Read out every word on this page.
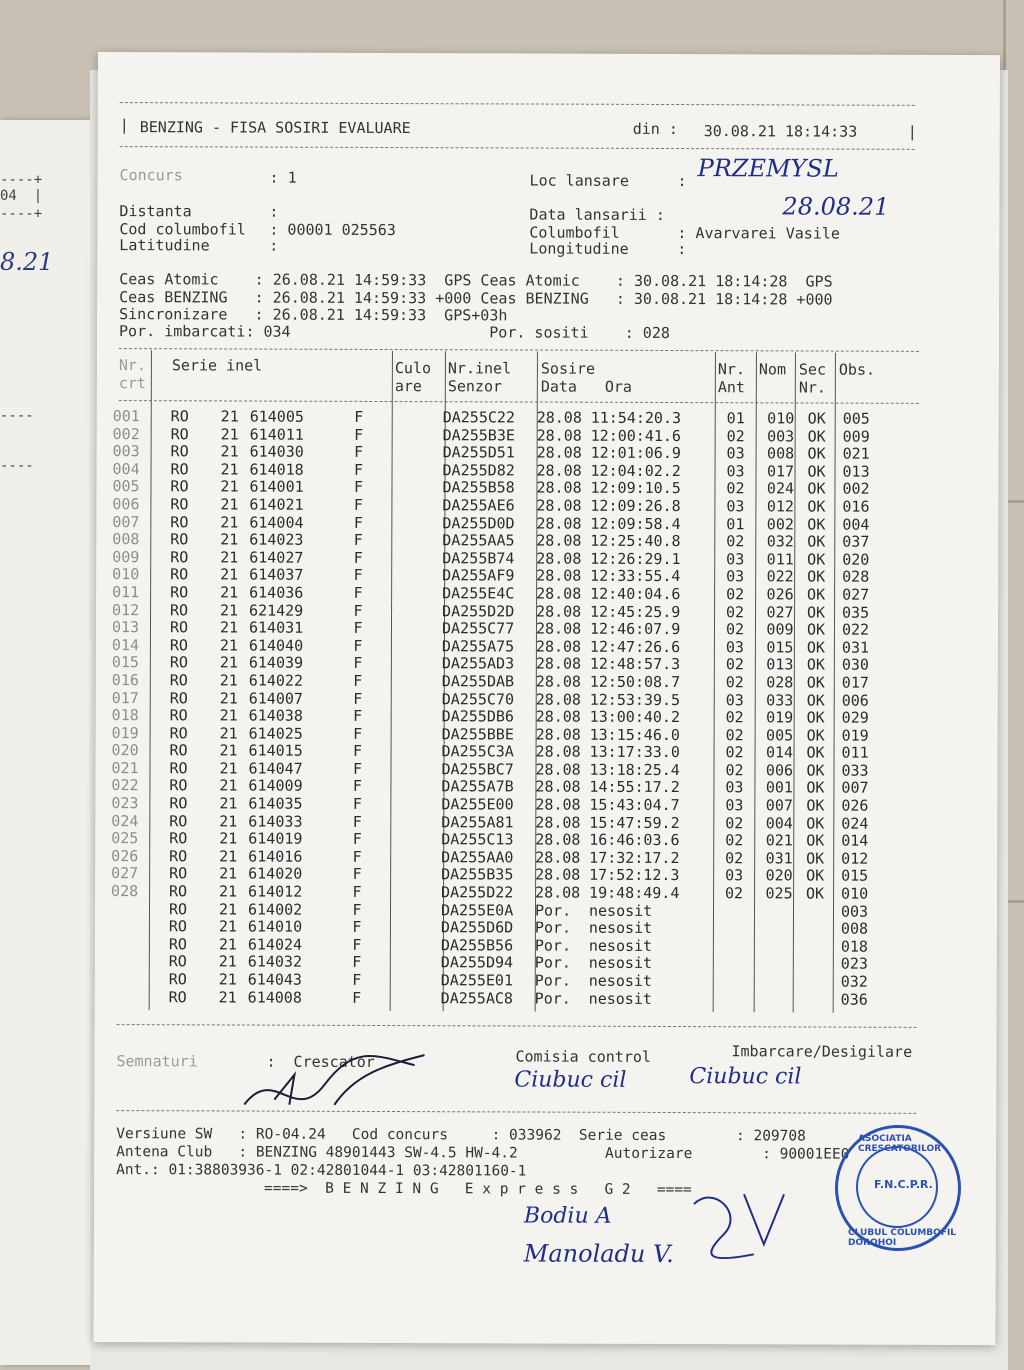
----+
04  |
----+
8.21
----
----
| BENZING - FISA SOSIRI EVALUARE	din : 30.08.21 18:14:33	|
Concurs	: 1	Loc lansare	: PRZEMYSL
Distanta	:	Data lansarii :	28.08.21
Cod columbofil : 00001 025563	Columbofil	: Avarvarei Vasile
Latitudine	:	Longitudine	:
Ceas Atomic    : 26.08.21 14:59:33  GPS Ceas Atomic    : 30.08.21 18:14:28  GPS
Ceas BENZING   : 26.08.21 14:59:33 +000 Ceas BENZING   : 30.08.21 18:14:28 +000
Sincronizare   : 26.08.21 14:59:33  GPS+03h
Por. imbarcati: 034                      Por. sositi    : 028
Nr.
crt
Serie inel	Culo
are
Nr.inel
Senzor
Sosire
Data Ora
Nr.
Ant
Nom Sec
Nr.
Obs.
001	RO	21	614005	F		DA255C22	28.08	11:54:20.3	01	010	OK	005
002	RO	21	614011	F		DA255B3E	28.08	12:00:41.6	02	003	OK	009
003	RO	21	614030	F		DA255D51	28.08	12:01:06.9	03	008	OK	021
004	RO	21	614018	F		DA255D82	28.08	12:04:02.2	03	017	OK	013
005	RO	21	614001	F		DA255B58	28.08	12:09:10.5	02	024	OK	002
006	RO	21	614021	F		DA255AE6	28.08	12:09:26.8	03	012	OK	016
007	RO	21	614004	F		DA255D0D	28.08	12:09:58.4	01	002	OK	004
008	RO	21	614023	F		DA255AA5	28.08	12:25:40.8	02	032	OK	037
009	RO	21	614027	F		DA255B74	28.08	12:26:29.1	03	011	OK	020
010	RO	21	614037	F		DA255AF9	28.08	12:33:55.4	03	022	OK	028
011	RO	21	614036	F		DA255E4C	28.08	12:40:04.6	02	026	OK	027
012	RO	21	621429	F		DA255D2D	28.08	12:45:25.9	02	027	OK	035
013	RO	21	614031	F		DA255C77	28.08	12:46:07.9	02	009	OK	022
014	RO	21	614040	F		DA255A75	28.08	12:47:26.6	03	015	OK	031
015	RO	21	614039	F		DA255AD3	28.08	12:48:57.3	02	013	OK	030
016	RO	21	614022	F		DA255DAB	28.08	12:50:08.7	02	028	OK	017
017	RO	21	614007	F		DA255C70	28.08	12:53:39.5	03	033	OK	006
018	RO	21	614038	F		DA255DB6	28.08	13:00:40.2	02	019	OK	029
019	RO	21	614025	F		DA255BBE	28.08	13:15:46.0	02	005	OK	019
020	RO	21	614015	F		DA255C3A	28.08	13:17:33.0	02	014	OK	011
021	RO	21	614047	F		DA255BC7	28.08	13:18:25.4	02	006	OK	033
022	RO	21	614009	F		DA255A7B	28.08	14:55:17.2	03	001	OK	007
023	RO	21	614035	F		DA255E00	28.08	15:43:04.7	03	007	OK	026
024	RO	21	614033	F		DA255A81	28.08	15:47:59.2	02	004	OK	024
025	RO	21	614019	F		DA255C13	28.08	16:46:03.6	02	021	OK	014
026	RO	21	614016	F		DA255AA0	28.08	17:32:17.2	02	031	OK	012
027	RO	21	614020	F		DA255B35	28.08	17:52:12.3	03	020	OK	015
028	RO	21	614012	F		DA255D22	28.08	19:48:49.4	02	025	OK	010
	RO	21	614002	F		DA255E0A	Por.	nesosit				003
	RO	21	614010	F		DA255D6D	Por.	nesosit				008
	RO	21	614024	F		DA255B56	Por.	nesosit				018
	RO	21	614032	F		DA255D94	Por.	nesosit				023
	RO	21	614043	F		DA255E01	Por.	nesosit				032
	RO	21	614008	F		DA255AC8	Por.	nesosit				036
Semnaturi	:  Crescator	Comisia control	Imbarcare/Desigilare
Ciubuc cil	Ciubuc cil
Versiune SW   : RO-04.24   Cod concurs     : 033962  Serie ceas        : 209708
Antena Club   : BENZING 48901443 SW-4.5 HW-4.2          Autorizare        : 90001EE0
Ant.: 01:38803936-1 02:42801044-1 03:42801160-1
====>  B E N Z I N G   E x p r e s s   G 2   ====
Bodiu A
Manoladu V.
ASOCIATIA CRESCATORILOR
F.N.C.P.R.
CLUBUL COLUMBOFIL DOROHOI
